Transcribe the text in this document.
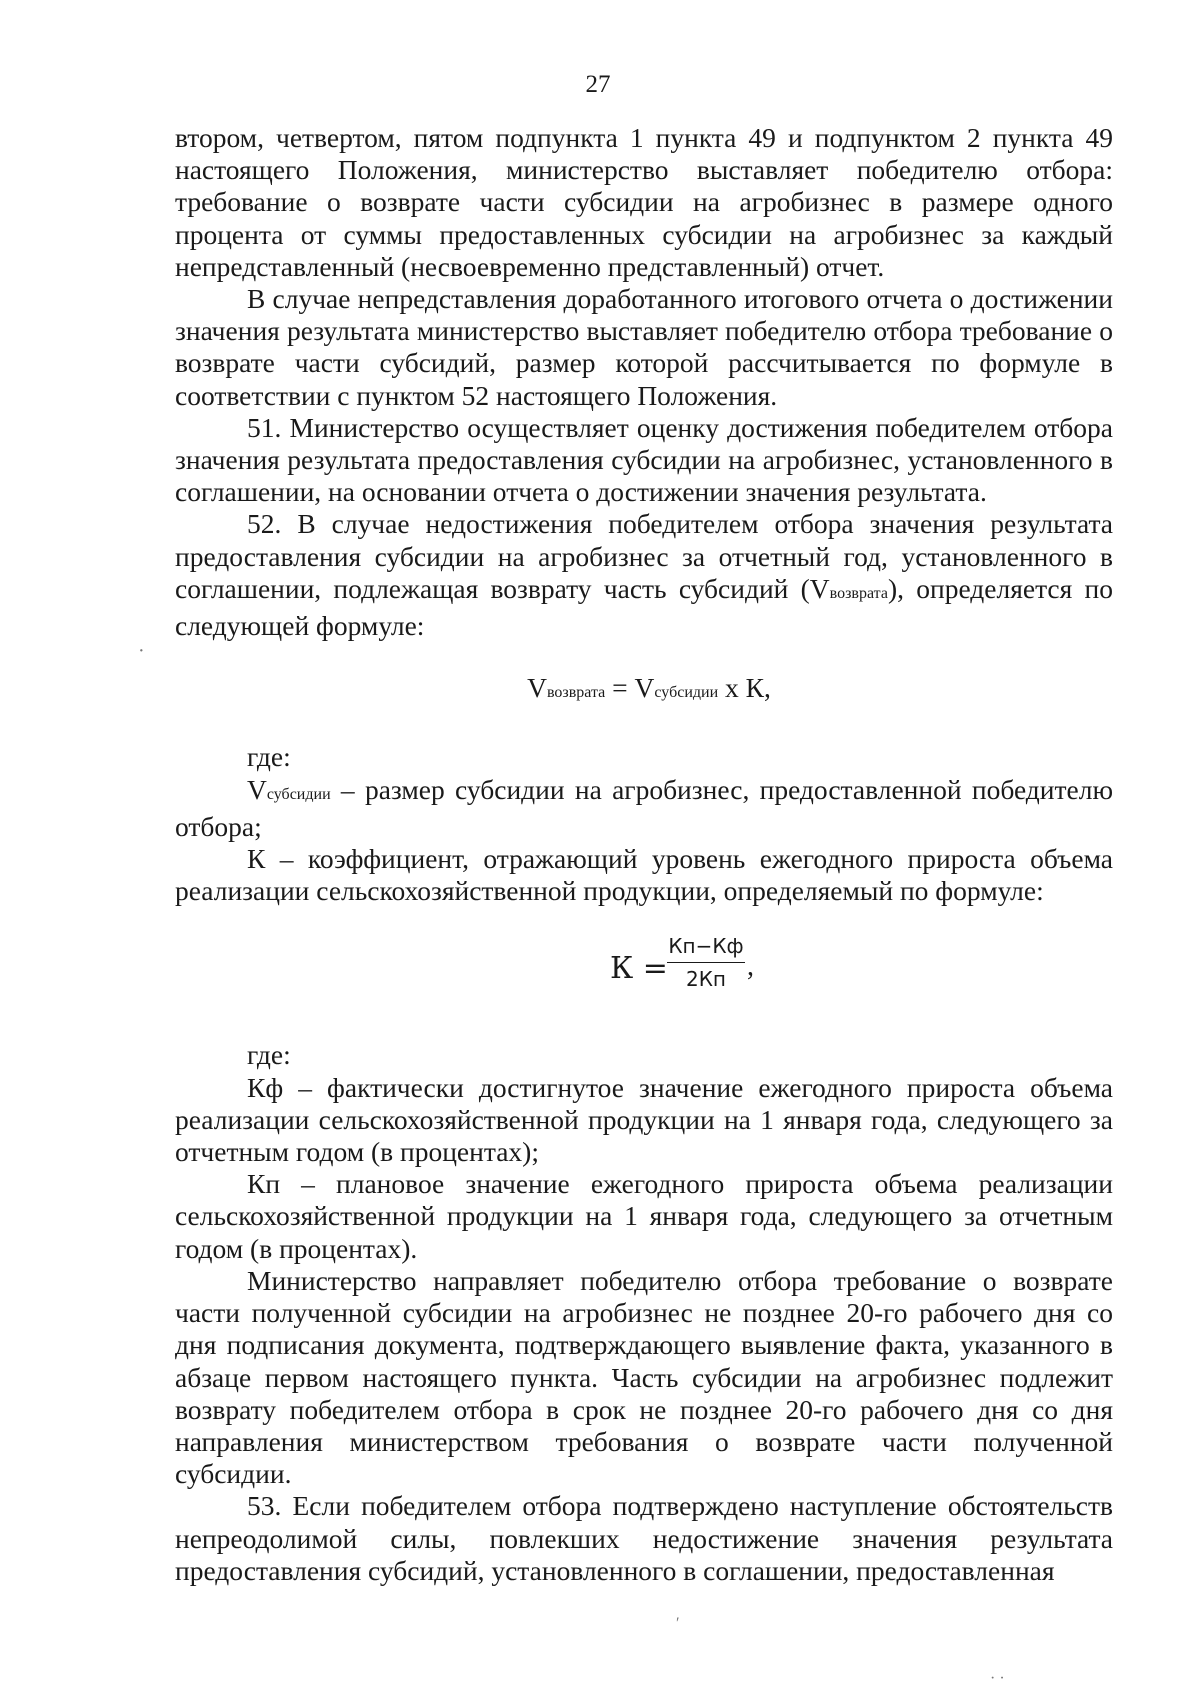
27
·
′
· ·

втором, четвертом, пятом подпункта 1 пункта 49 и подпунктом 2 пункта 49 настоящего Положения, министерство выставляет победителю отбора: требование о возврате части субсидии на агробизнес в размере одного процента от суммы предоставленных субсидии на агробизнес за каждый непредставленный (несвоевременно представленный) отчет.

В случае непредставления доработанного итогового отчета о достижении значения результата министерство выставляет победителю отбора требование о возврате части субсидий, размер которой рассчитывается по формуле в соответствии с пунктом 52 настоящего Положения.

51. Министерство осуществляет оценку достижения победителем отбора значения результата предоставления субсидии на агробизнес, установленного в соглашении, на основании отчета о достижении значения результата.

52. В случае недостижения победителем отбора значения результата предоставления субсидии на агробизнес за отчетный год, установленного в соглашении, подлежащая возврату часть субсидий (Vвозврата), определяется по следующей формуле:

Vвозврата = Vсубсидии x К,

где:

Vсубсидии – размер субсидии на агробизнес, предоставленной победителю отбора;

К – коэффициент, отражающий уровень ежегодного прироста объема реализации сельскохозяйственной продукции, определяемый по формуле:

К =
Кп−Кф
2Кп ,

где:

Кф – фактически достигнутое значение ежегодного прироста объема реализации сельскохозяйственной продукции на 1 января года, следующего за отчетным годом (в процентах);

Кп – плановое значение ежегодного прироста объема реализации сельскохозяйственной продукции на 1 января года, следующего за отчетным годом (в процентах).

Министерство направляет победителю отбора требование о возврате части полученной субсидии на агробизнес не позднее 20-го рабочего дня со дня подписания документа, подтверждающего выявление факта, указанного в абзаце первом настоящего пункта. Часть субсидии на агробизнес подлежит возврату победителем отбора в срок не позднее 20-го рабочего дня со дня направления министерством требования о возврате части полученной субсидии.

53. Если победителем отбора подтверждено наступление обстоятельств непреодолимой силы, повлекших недостижение значения результата предоставления субсидий, установленного в соглашении, предоставленная
